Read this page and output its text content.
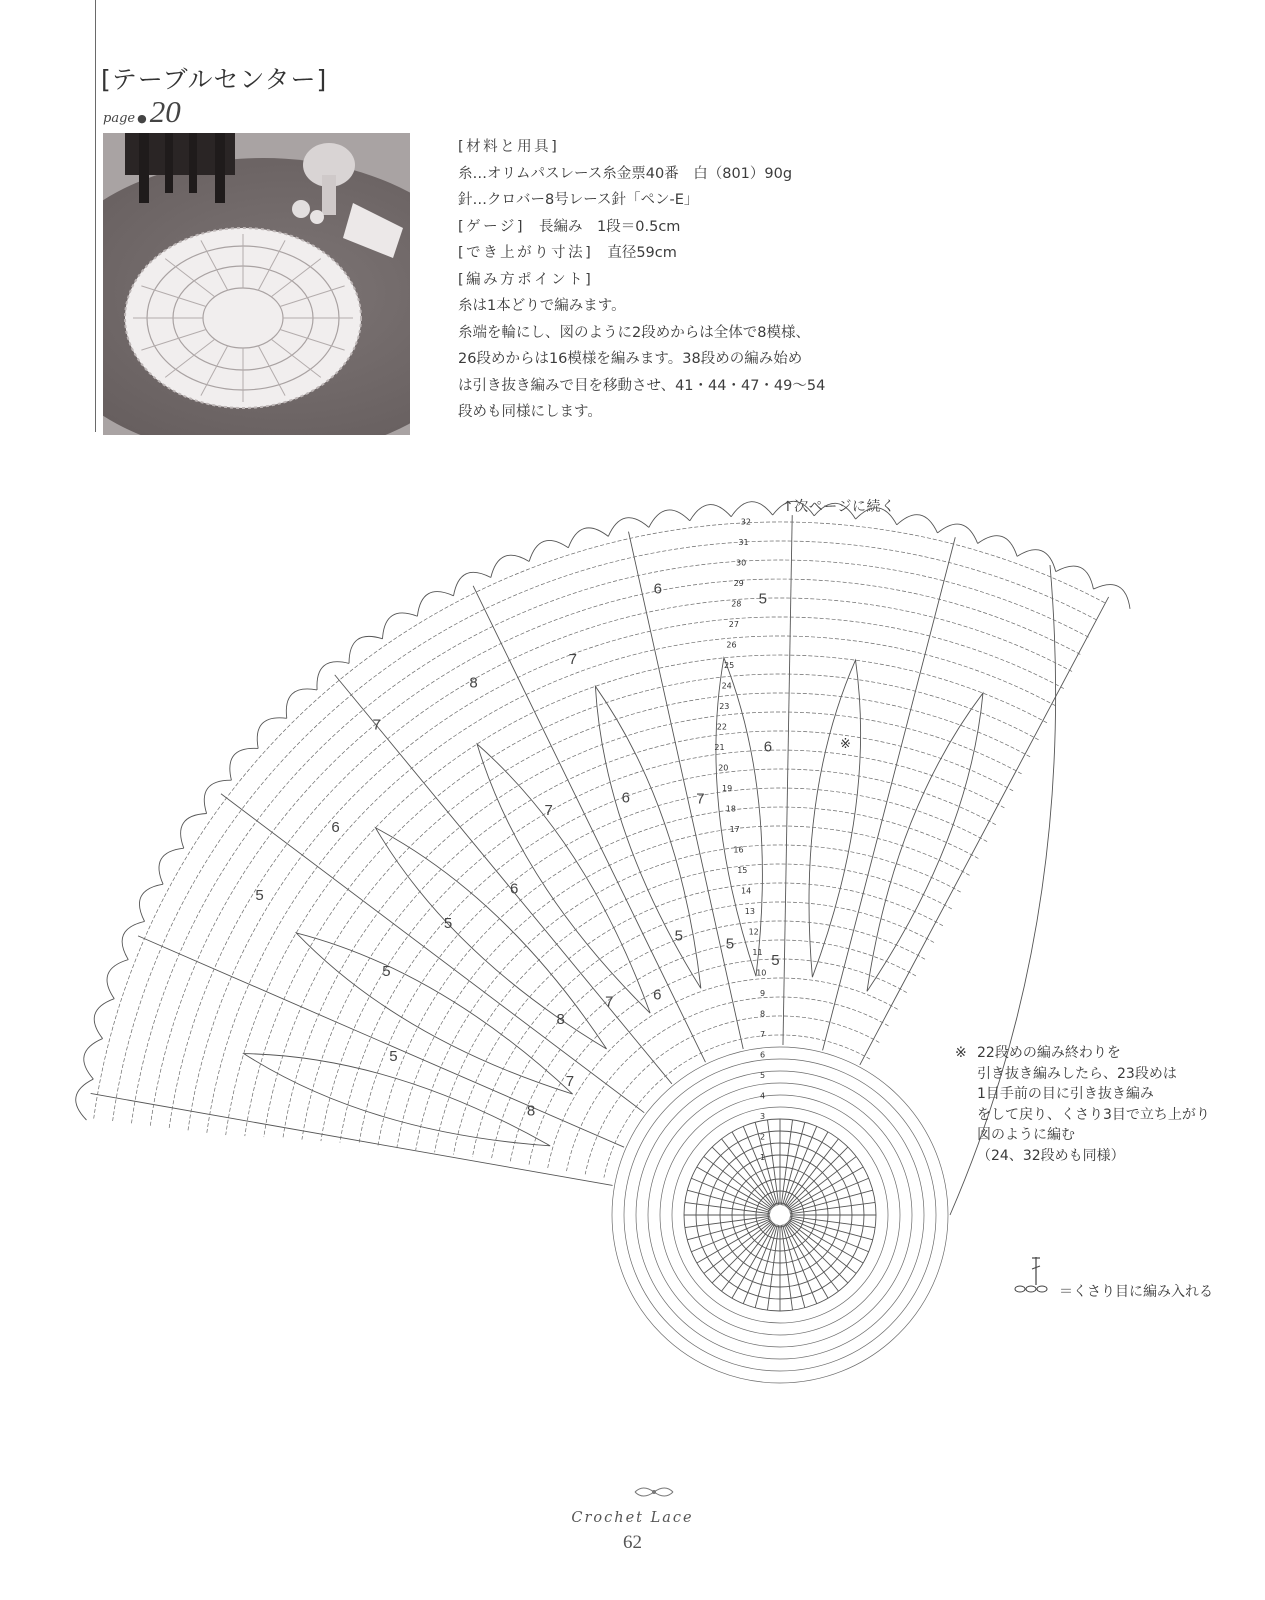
[テーブルセンター]
page ●20
[材料と用具]
糸…オリムパスレース糸金票40番　白（801）90g
針…クロバー8号レース針「ペン-E」
[ゲージ] 長編み　1段＝0.5cm
[でき上がり寸法] 直径59cm
[編み方ポイント]
糸は1本どりで編みます。
糸端を輪にし、図のように2段めからは全体で8模様、
26段めからは16模様を編みます。38段めの編み始め
は引き抜き編みで目を移動させ、41・44・47・49〜54
段めも同様にします。
↑次ページに続く
1
2
3
4
5
6
7
8
9
10
11
12
13
14
15
16
17
18
19
20
21
22
23
24
25
26
27
28
29
30
31
32
5
5
5
6
7
8
7
8
6
7
6
7
6
5
5
5
5
6
7
8
7
6
5
※
※ 22段めの編み終わりを
引き抜き編みしたら、23段めは
1目手前の目に引き抜き編み
をして戻り、くさり3目で立ち上がり
図のように編む
（24、32段めも同様）
＝くさり目に編み入れる
Crochet Lace
62
